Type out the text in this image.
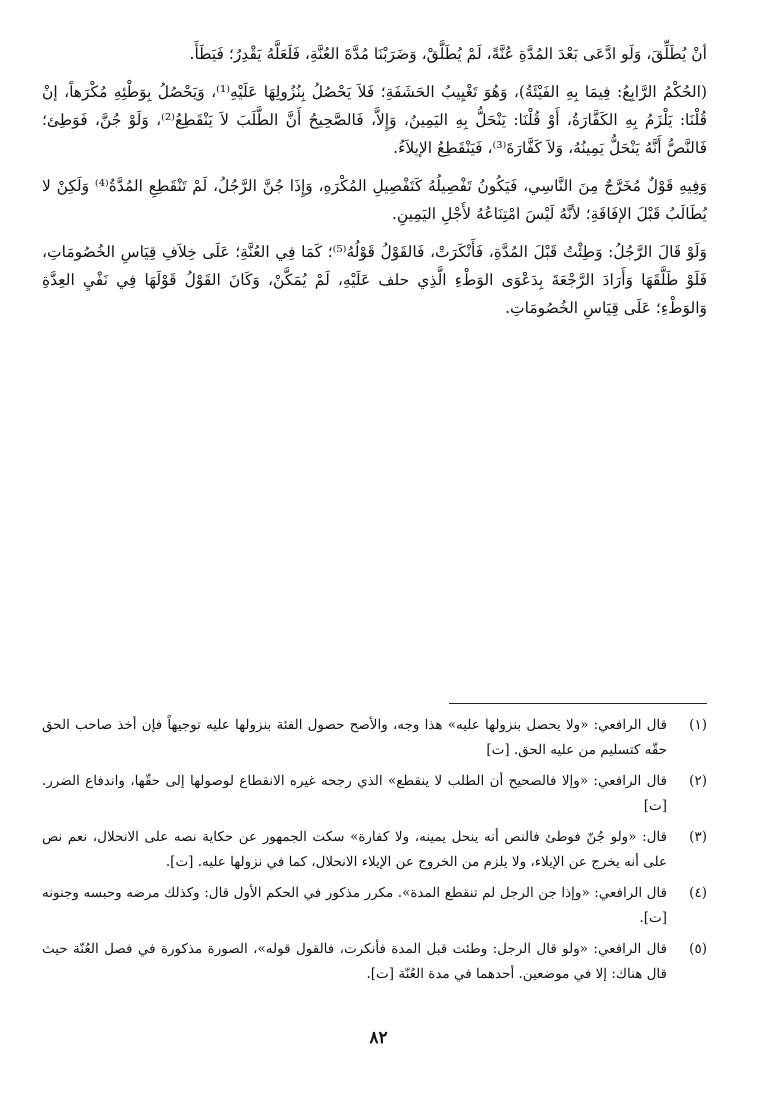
أنْ يُطَلِّقَ، وَلَو ادَّعَى بَعْدَ المُدَّةِ عُنَّةً، لَمْ يُطَلَّقْ، وَضَرَبْنَا مُدَّةَ العُنَّةِ، فَلَعَلَّهُ يَقْدِرُ؛ فَيَطَأَ.

(الحُكْمُ الرَّابِعُ: فِيمَا بِهِ الفَيْئَةُ)، وَهُوَ تَغْيِيبُ الحَشَفَةِ؛ فَلاَ يَحْصُلُ بِنُزُولِهَا عَلَيْهِ⁽¹⁾، وَيَحْصُلُ بِوَطْئِهِ مُكْرَهاً، إنْ قُلْنَا: يَلْزَمُ بِهِ الكَفَّارَةُ، أَوْ قُلْنَا: يَنْحَلُّ بِهِ اليَمِينُ، وَإِلاَّ، فَالصَّحِيحُ أَنَّ الطَّلَبَ لاَ يَنْقَطِعُ⁽²⁾، وَلَوْ جُنَّ، فَوَطِئ؛ فَالنَّصُّ أَنَّهُ يَنْحَلُّ يَمِينُهُ، وَلاَ كَفَّارَةَ⁽³⁾، فَيَنْقَطِعُ الإيلاَءُ.

وَفِيهِ قَوْلٌ مُخَرَّجٌ مِنَ النَّاسِي، فَيَكُونُ تَفْصِيلُهُ كَتَفْصِيلِ المُكْرَهِ، وَإِذَا جُنَّ الرَّجُلُ، لَمْ تَنْقَطِعِ المُدَّةُ⁽⁴⁾ وَلَكِنْ لا يُطَالَبُ قَبْلَ الإفَاقَةِ؛ لأنَّهُ لَيْسَ امْتِنَاعُهُ لأَجْلِ اليَمِينِ.

وَلَوْ قَالَ الرَّجُلُ: وَطِئْتُ قَبْلَ المُدَّةِ، فَأَنْكَرَتْ، فَالقَوْلُ قَوْلُهُ⁽⁵⁾؛ كَمَا فِي العُنَّةِ؛ عَلَى خِلاَفِ قِيَاسِ الخُصُومَاتِ، فَلَوْ طَلَّقَهَا وَأَرَادَ الرَّجْعَةَ بِدَعْوَى الوَطْءِ الَّذِي حلف عَلَيْهِ، لَمْ يُمَكَّنْ، وَكَانَ القَوْلُ قَوْلَهَا فِي نَفْيِ العِدَّةِ وَالوَطْءِ؛ عَلَى قِيَاسِ الخُصُومَاتِ.

(١)
قال الرافعي: «ولا يحصل بنزولها عليه» هذا وجه، والأصح حصول الفئة بنزولها عليه توجيهاً فإن أخذ صاحب الحق حقّه كتسليم من عليه الحق. [ت]
(٢)
قال الرافعي: «وإلا فالصحيح أن الطلب لا ينقطع» الذي رجحه غيره الانقطاع لوصولها إلى حقّها، واندفاع الضرر. [ت]
(٣)
قال: «ولو جُنّ فوطئ فالنص أنه ينحل يمينه، ولا كفارة» سكت الجمهور عن حكاية نصه على الانحلال، نعم نص على أنه يخرج عن الإيلاء، ولا يلزم من الخروج عن الإيلاء الانحلال، كما في نزولها عليه. [ت].
(٤)
قال الرافعي: «وإذا جن الرجل لم تنقطع المدة». مكرر مذكور في الحكم الأول قال: وكذلك مرضه وحبسه وجنونه [ت].
(٥)
قال الرافعي: «ولو قال الرجل: وطئت قبل المدة فأنكرت، فالقول قوله»، الصورة مذكورة في فصل العُنّة حيث قال هناك: إلا في موضعين. أحدهما في مدة العُنّة [ت].
٨٢
